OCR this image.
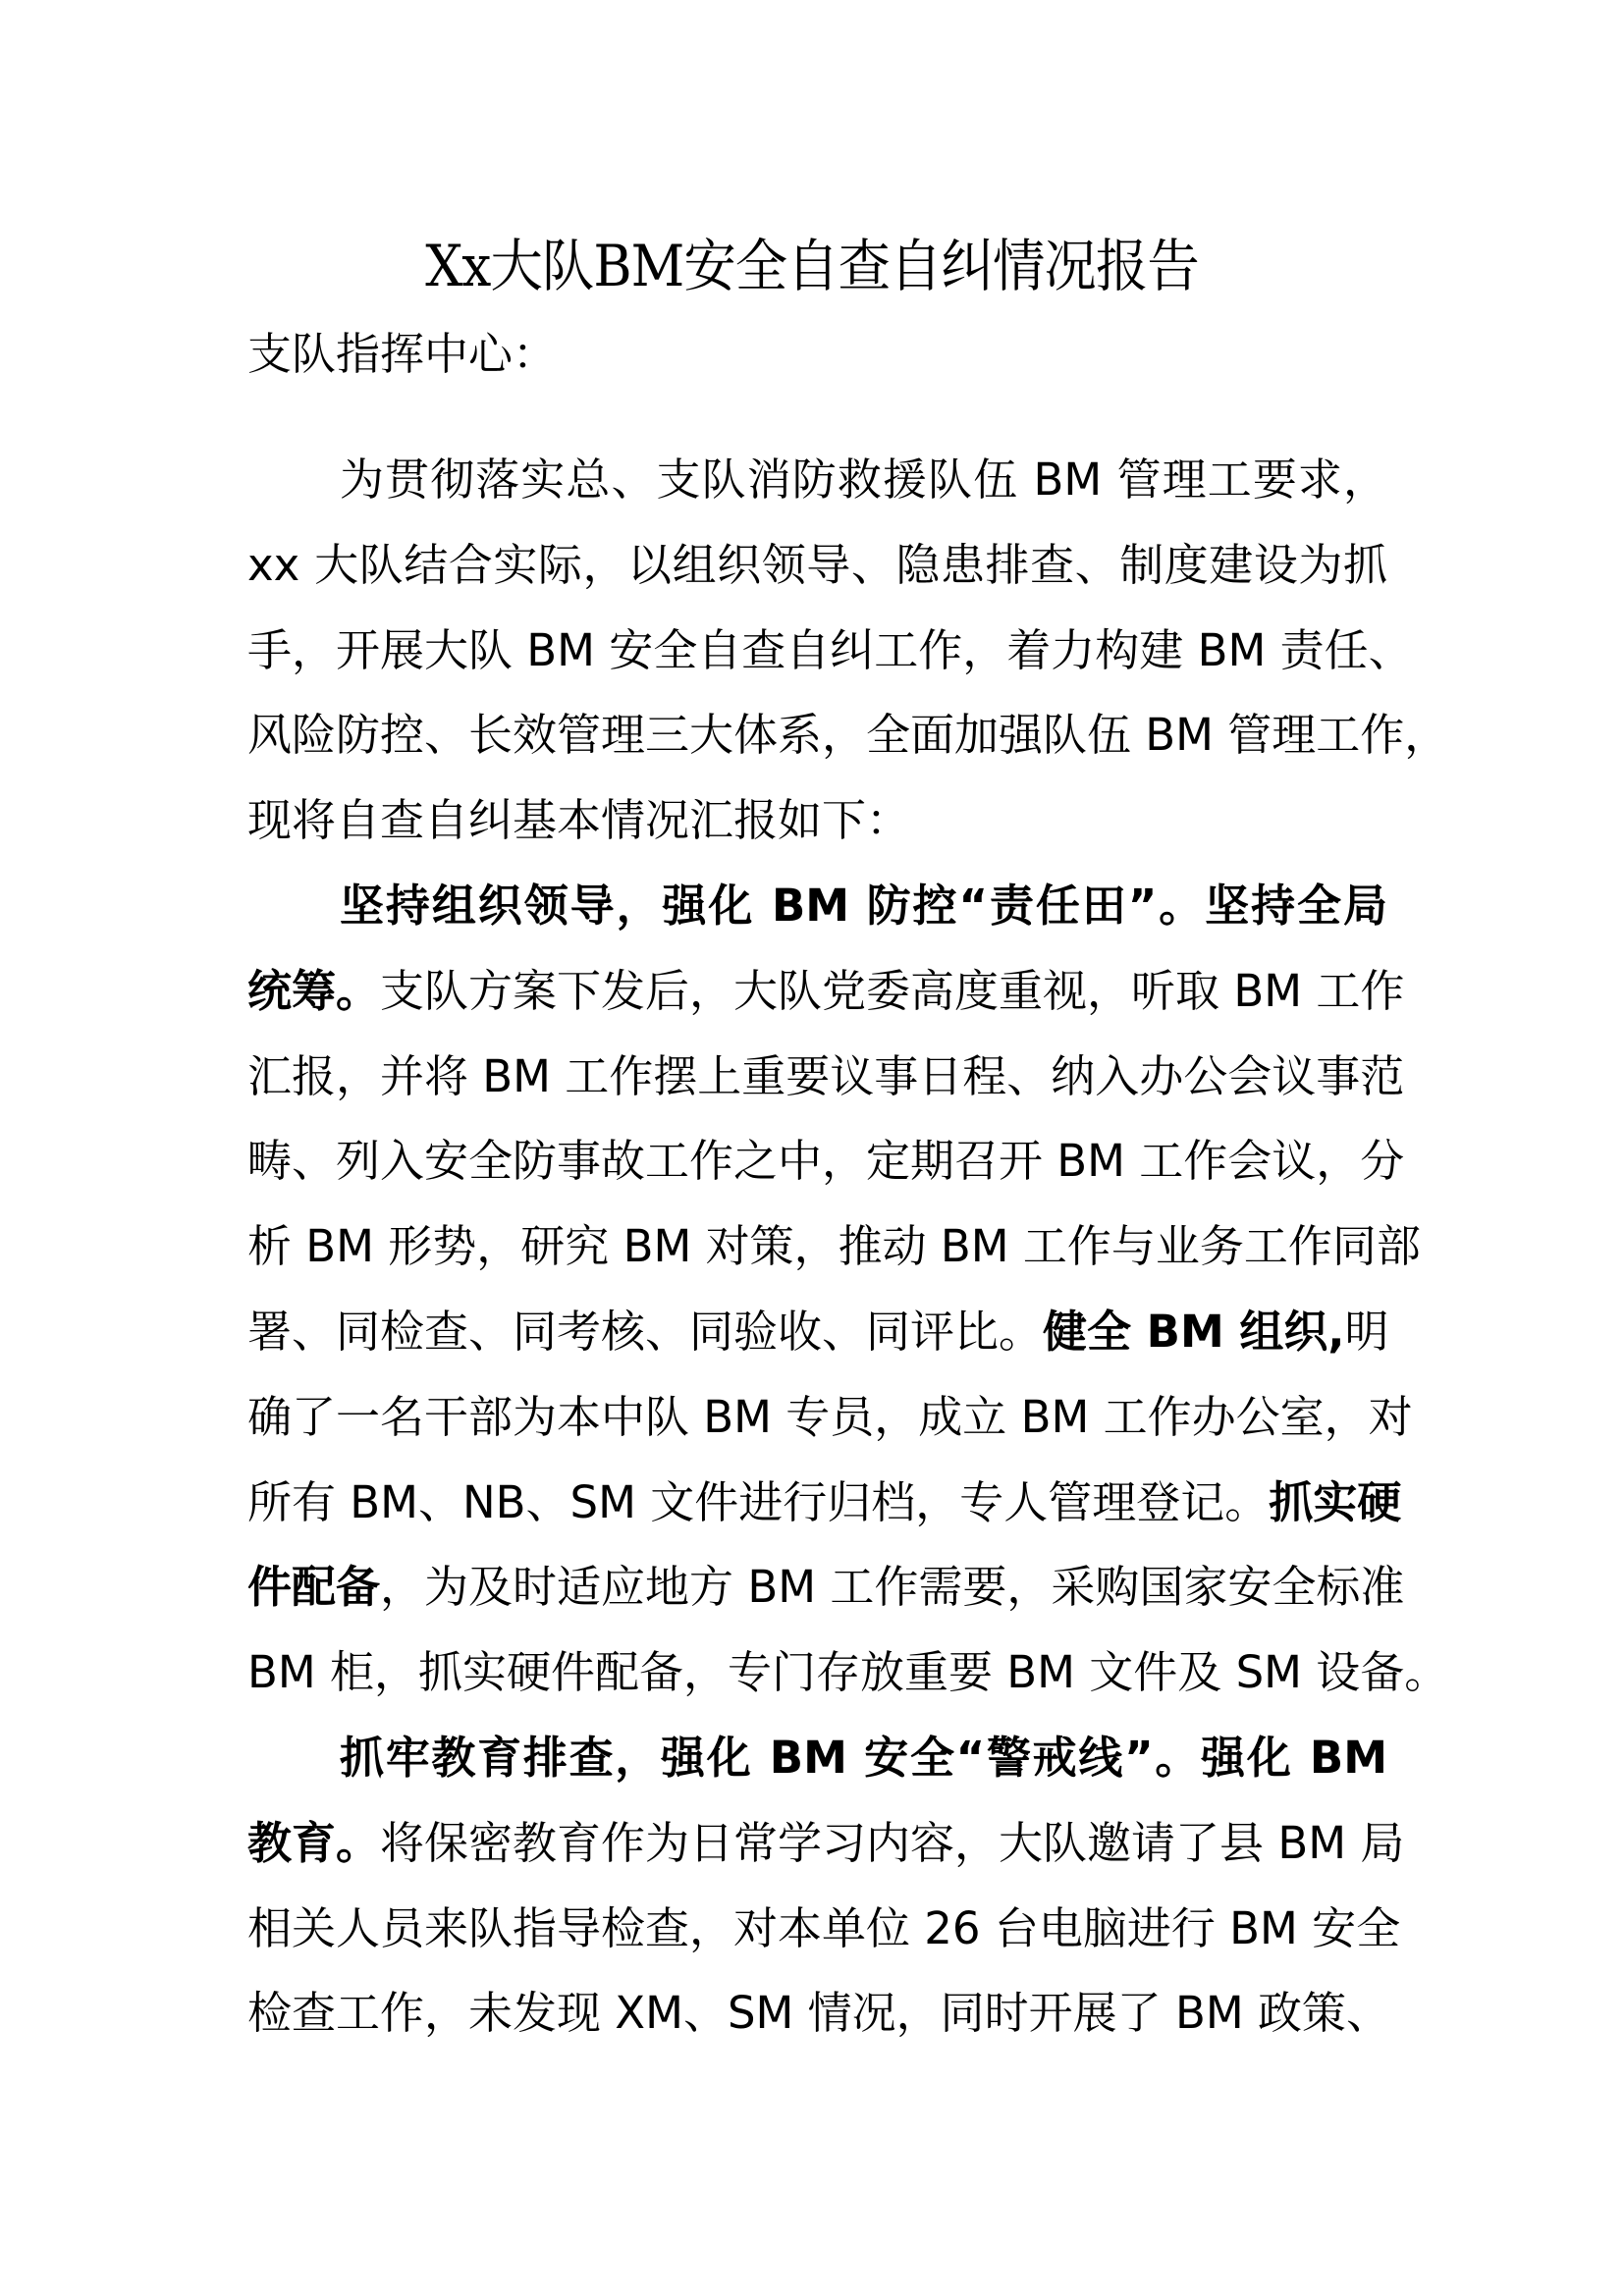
Xx大队BM安全自查自纠情况报告
支队指挥中心：
为贯彻落实总、支队消防救援队伍 BM 管理工要求，
xx 大队结合实际，以组织领导、隐患排查、制度建设为抓
手，开展大队 BM 安全自查自纠工作，着力构建 BM 责任、
风险防控、长效管理三大体系，全面加强队伍 BM 管理工作，
现将自查自纠基本情况汇报如下：
坚持组织领导，强化 BM 防控“责任田”。坚持全局
统筹。支队方案下发后，大队党委高度重视，听取 BM 工作
汇报，并将 BM 工作摆上重要议事日程、纳入办公会议事范
畴、列入安全防事故工作之中，定期召开 BM 工作会议，分
析 BM 形势，研究 BM 对策，推动 BM 工作与业务工作同部
署、同检查、同考核、同验收、同评比。健全 BM 组织,明
确了一名干部为本中队 BM 专员，成立 BM 工作办公室，对
所有 BM、NB、SM 文件进行归档，专人管理登记。抓实硬
件配备，为及时适应地方 BM 工作需要，采购国家安全标准
BM 柜，抓实硬件配备，专门存放重要 BM 文件及 SM 设备。
抓牢教育排查，强化 BM 安全“警戒线”。强化 BM
教育。将保密教育作为日常学习内容，大队邀请了县 BM 局
相关人员来队指导检查，对本单位 26 台电脑进行 BM 安全
检查工作，未发现 XM、SM 情况，同时开展了 BM 政策、
